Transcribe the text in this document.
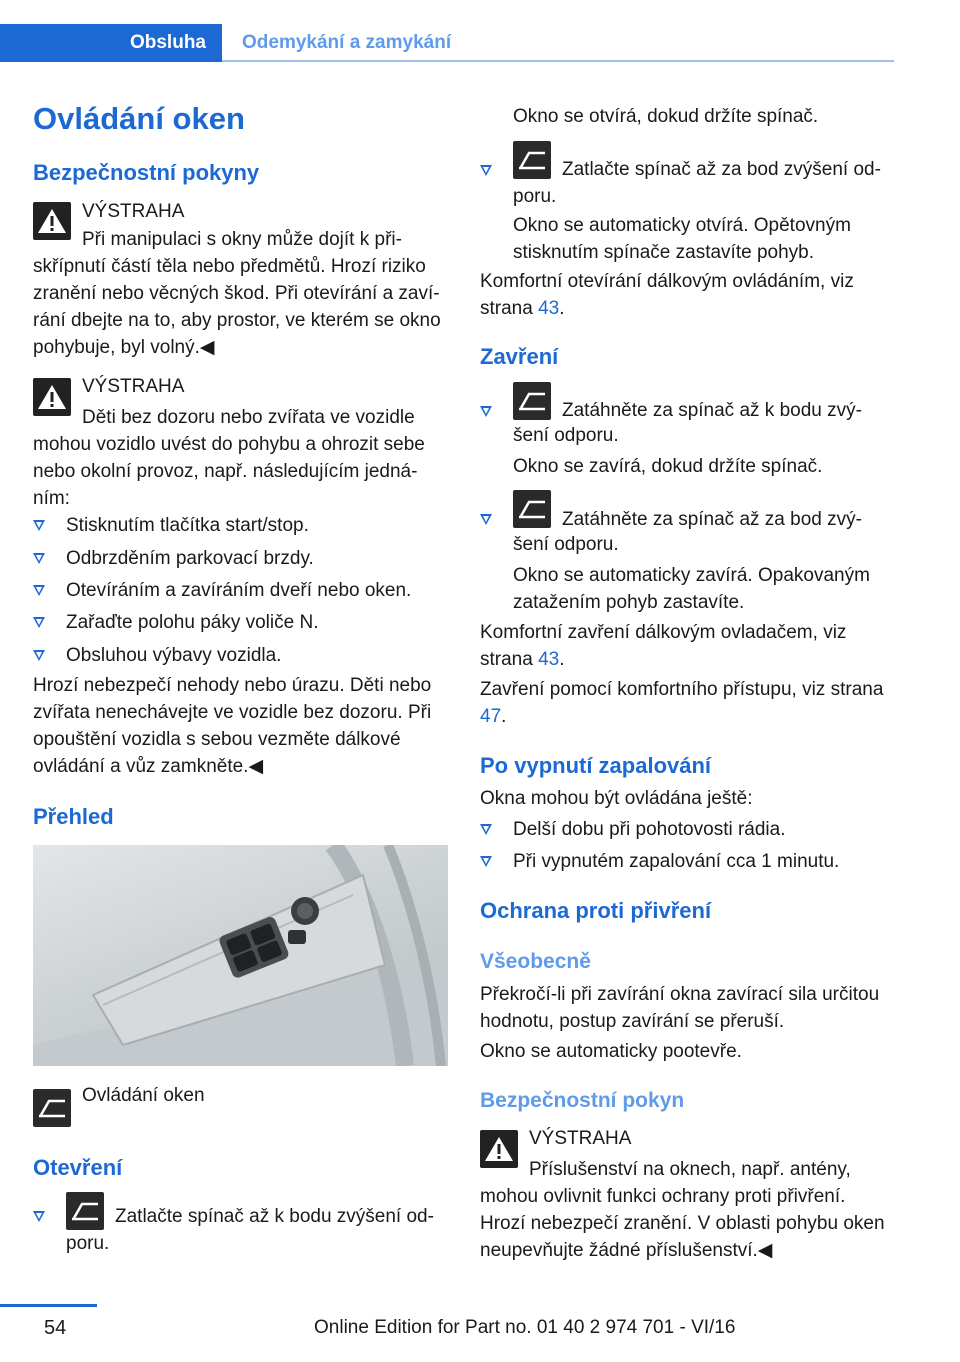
Obsluha	Odemykání a zamykání
Ovládání oken
Bezpečnostní pokyny
VÝSTRAHA
Při manipulaci s okny může dojít k při‐
skřípnutí částí těla nebo předmětů. Hrozí riziko zranění nebo věcných škod. Při otevírání a zaví‐ rání dbejte na to, aby prostor, ve kterém se okno pohybuje, byl volný.◀
VÝSTRAHA
Děti bez dozoru nebo zvířata ve vozidle
mohou vozidlo uvést do pohybu a ohrozit sebe nebo okolní provoz, např. následujícím jedná‐ ním:
Stisknutím tlačítka start/stop.
Odbrzděním parkovací brzdy.
Otevíráním a zavíráním dveří nebo oken.
Zařaďte polohu páky voliče N.
Obsluhou výbavy vozidla.
Hrozí nebezpečí nehody nebo úrazu. Děti nebo zvířata nenechávejte ve vozidle bez dozoru. Při opouštění vozidla s sebou vezměte dálkové ovládání a vůz zamkněte.◀
Přehled
Ovládání oken
Otevření
Zatlačte spínač až k bodu zvýšení od‐
poru.
Okno se otvírá, dokud držíte spínač.
Zatlačte spínač až za bod zvýšení od‐
poru.
Okno se automaticky otvírá. Opětovným stisknutím spínače zastavíte pohyb.
Komfortní otevírání dálkovým ovládáním, viz strana 43.
Zavření
Zatáhněte za spínač až k bodu zvý‐
šení odporu.
Okno se zavírá, dokud držíte spínač.
Zatáhněte za spínač až za bod zvý‐
šení odporu.
Okno se automaticky zavírá. Opakovaným zatažením pohyb zastavíte.
Komfortní zavření dálkovým ovladačem, viz strana 43.
Zavření pomocí komfortního přístupu, viz strana 47.
Po vypnutí zapalování
Okna mohou být ovládána ještě:
Delší dobu při pohotovosti rádia.
Při vypnutém zapalování cca 1 minutu.
Ochrana proti přivření
Všeobecně
Překročí-li při zavírání okna zavírací sila určitou hodnotu, postup zavírání se přeruší.
Okno se automaticky pootevře.
Bezpečnostní pokyn
VÝSTRAHA
Příslušenství na oknech, např. antény,
mohou ovlivnit funkci ochrany proti přivření. Hrozí nebezpečí zranění. V oblasti pohybu oken neupevňujte žádné příslušenství.◀
54	Online Edition for Part no. 01 40 2 974 701 - VI/16
